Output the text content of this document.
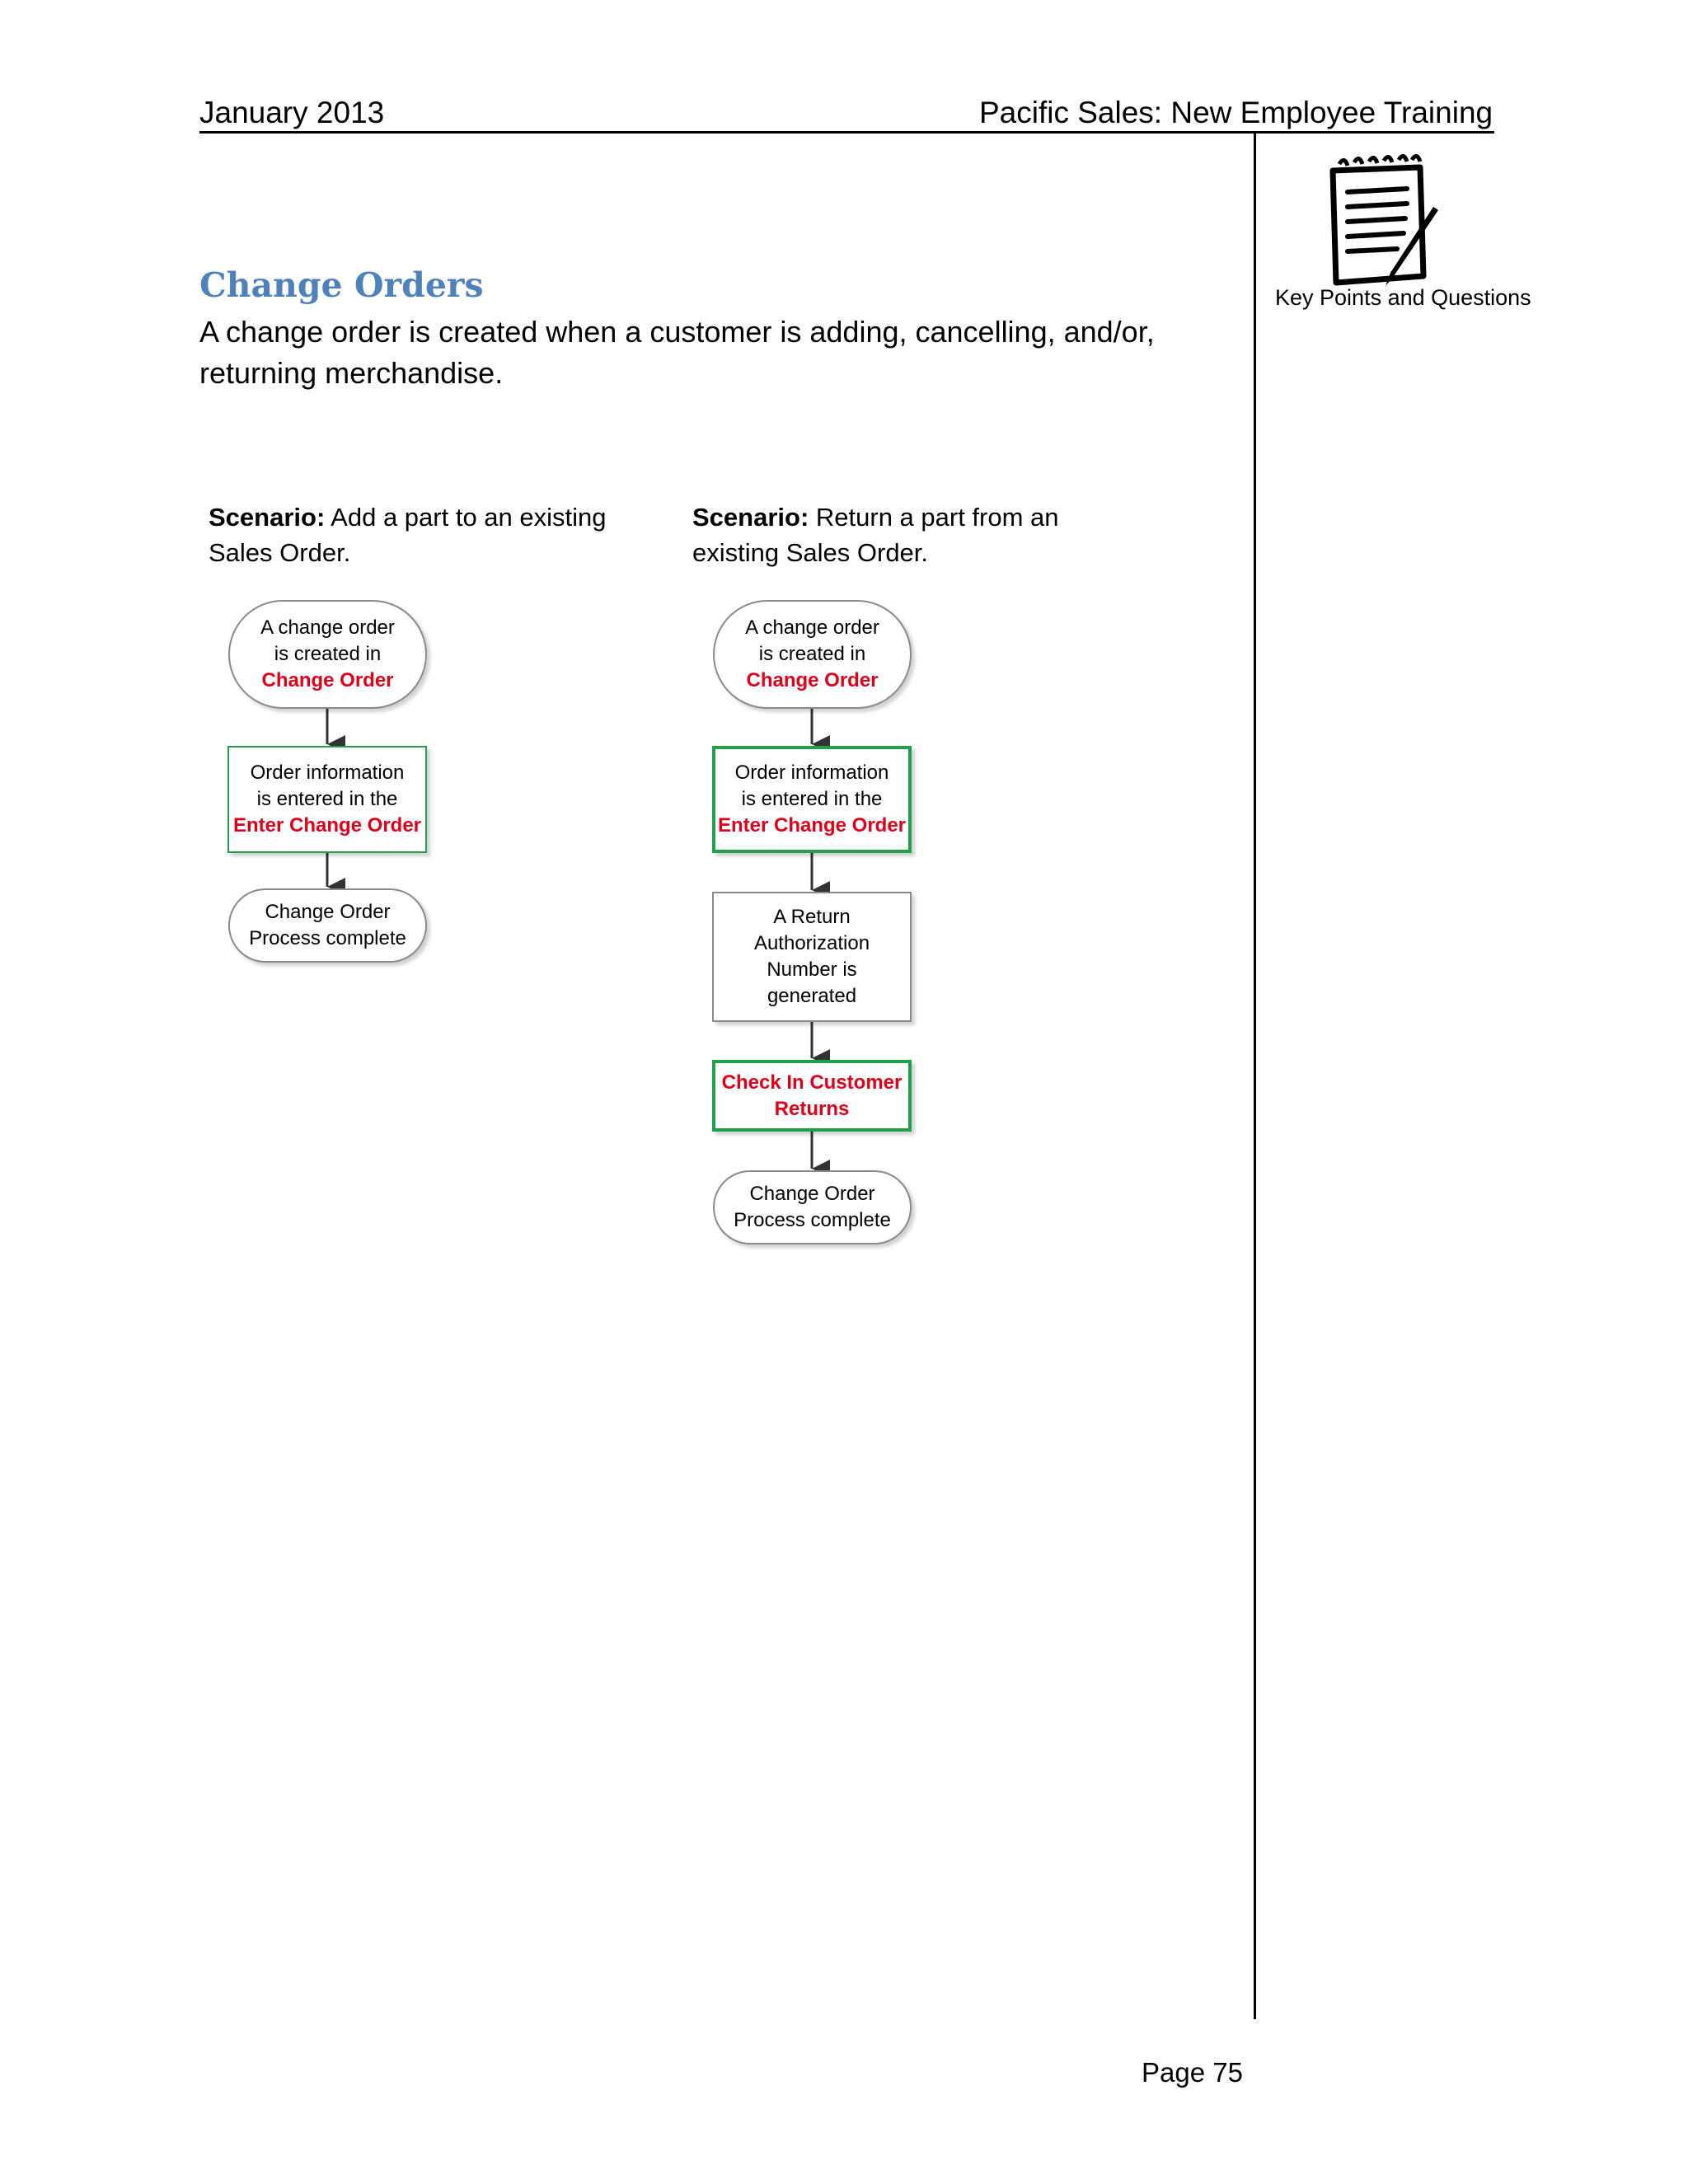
January 2013	Pacific Sales: New Employee Training
Key Points and Questions
Change Orders
A change order is created when a customer is adding, cancelling, and/or,
returning merchandise.
Scenario: Add a part to an existing
Sales Order.
Scenario: Return a part from an
existing Sales Order.
A change order
is created in
Change Order
Order information
is entered in the
Enter Change Order
Change Order
Process complete
A change order
is created in
Change Order
Order information
is entered in the
Enter Change Order
A Return
Authorization
Number is
generated
Check In Customer
Returns
Change Order
Process complete
Page 75
